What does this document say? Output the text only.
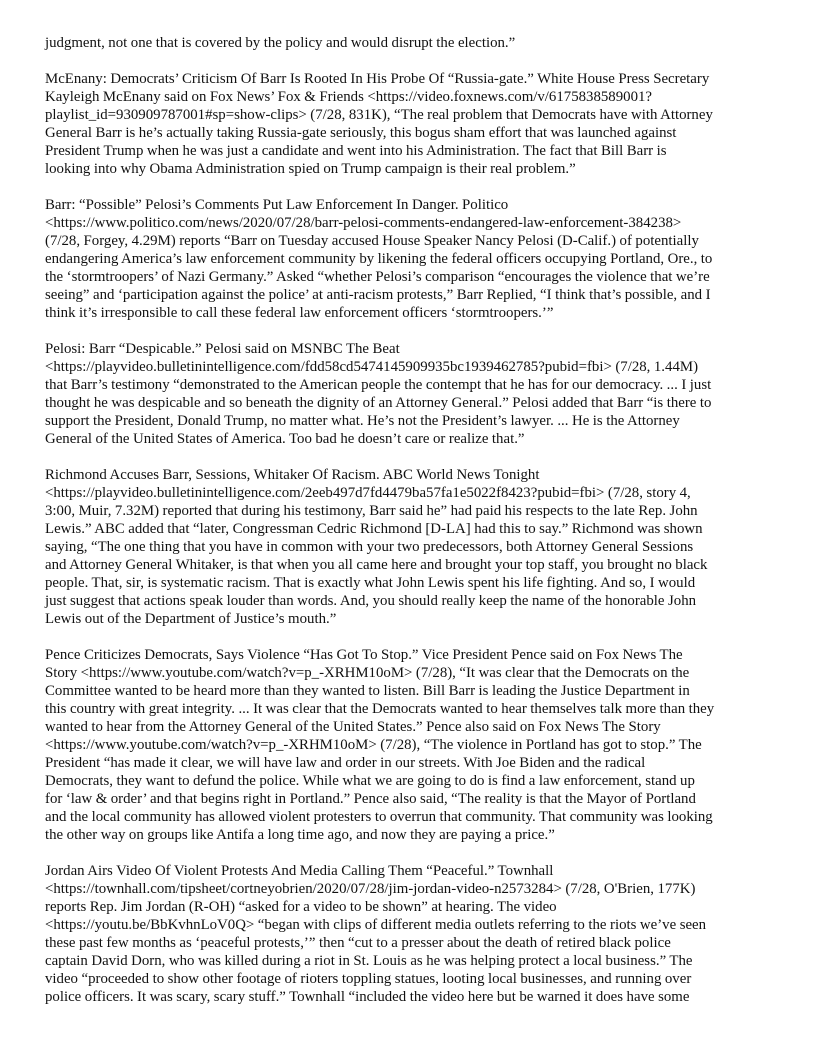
judgment, not one that is covered by the policy and would disrupt the election.”

McEnany: Democrats’ Criticism Of Barr Is Rooted In His Probe Of “Russia-gate.” White House Press Secretary
Kayleigh McEnany said on Fox News’ Fox & Friends <https://video.foxnews.com/v/6175838589001?
playlist_id=930909787001#sp=show-clips> (7/28, 831K), “The real problem that Democrats have with Attorney
General Barr is he’s actually taking Russia-gate seriously, this bogus sham effort that was launched against
President Trump when he was just a candidate and went into his Administration. The fact that Bill Barr is
looking into why Obama Administration spied on Trump campaign is their real problem.”

Barr: “Possible” Pelosi’s Comments Put Law Enforcement In Danger. Politico
<https://www.politico.com/news/2020/07/28/barr-pelosi-comments-endangered-law-enforcement-384238>
(7/28, Forgey, 4.29M) reports “Barr on Tuesday accused House Speaker Nancy Pelosi (D-Calif.) of potentially
endangering America’s law enforcement community by likening the federal officers occupying Portland, Ore., to
the ‘stormtroopers’ of Nazi Germany.” Asked “whether Pelosi’s comparison “encourages the violence that we’re
seeing” and ‘participation against the police’ at anti-racism protests,” Barr Replied, “I think that’s possible, and I
think it’s irresponsible to call these federal law enforcement officers ‘stormtroopers.’”

Pelosi: Barr “Despicable.” Pelosi said on MSNBC The Beat
<https://playvideo.bulletinintelligence.com/fdd58cd5474145909935bc1939462785?pubid=fbi> (7/28, 1.44M)
that Barr’s testimony “demonstrated to the American people the contempt that he has for our democracy. ... I just
thought he was despicable and so beneath the dignity of an Attorney General.” Pelosi added that Barr “is there to
support the President, Donald Trump, no matter what. He’s not the President’s lawyer. ... He is the Attorney
General of the United States of America. Too bad he doesn’t care or realize that.”

Richmond Accuses Barr, Sessions, Whitaker Of Racism. ABC World News Tonight
<https://playvideo.bulletinintelligence.com/2eeb497d7fd4479ba57fa1e5022f8423?pubid=fbi> (7/28, story 4,
3:00, Muir, 7.32M) reported that during his testimony, Barr said he” had paid his respects to the late Rep. John
Lewis.” ABC added that “later, Congressman Cedric Richmond [D-LA] had this to say.” Richmond was shown
saying, “The one thing that you have in common with your two predecessors, both Attorney General Sessions
and Attorney General Whitaker, is that when you all came here and brought your top staff, you brought no black
people. That, sir, is systematic racism. That is exactly what John Lewis spent his life fighting. And so, I would
just suggest that actions speak louder than words. And, you should really keep the name of the honorable John
Lewis out of the Department of Justice’s mouth.”

Pence Criticizes Democrats, Says Violence “Has Got To Stop.” Vice President Pence said on Fox News The
Story <https://www.youtube.com/watch?v=p_-XRHM10oM> (7/28), “It was clear that the Democrats on the
Committee wanted to be heard more than they wanted to listen. Bill Barr is leading the Justice Department in
this country with great integrity. ... It was clear that the Democrats wanted to hear themselves talk more than they
wanted to hear from the Attorney General of the United States.” Pence also said on Fox News The Story
<https://www.youtube.com/watch?v=p_-XRHM10oM> (7/28), “The violence in Portland has got to stop.” The
President “has made it clear, we will have law and order in our streets. With Joe Biden and the radical
Democrats, they want to defund the police. While what we are going to do is find a law enforcement, stand up
for ‘law & order’ and that begins right in Portland.” Pence also said, “The reality is that the Mayor of Portland
and the local community has allowed violent protesters to overrun that community. That community was looking
the other way on groups like Antifa a long time ago, and now they are paying a price.”

Jordan Airs Video Of Violent Protests And Media Calling Them “Peaceful.” Townhall
<https://townhall.com/tipsheet/cortneyobrien/2020/07/28/jim-jordan-video-n2573284> (7/28, O'Brien, 177K)
reports Rep. Jim Jordan (R-OH) “asked for a video to be shown” at hearing. The video
<https://youtu.be/BbKvhnLoV0Q> “began with clips of different media outlets referring to the riots we’ve seen
these past few months as ‘peaceful protests,’” then “cut to a presser about the death of retired black police
captain David Dorn, who was killed during a riot in St. Louis as he was helping protect a local business.” The
video “proceeded to show other footage of rioters toppling statues, looting local businesses, and running over
police officers. It was scary, scary stuff.” Townhall “included the video here but be warned it does have some
